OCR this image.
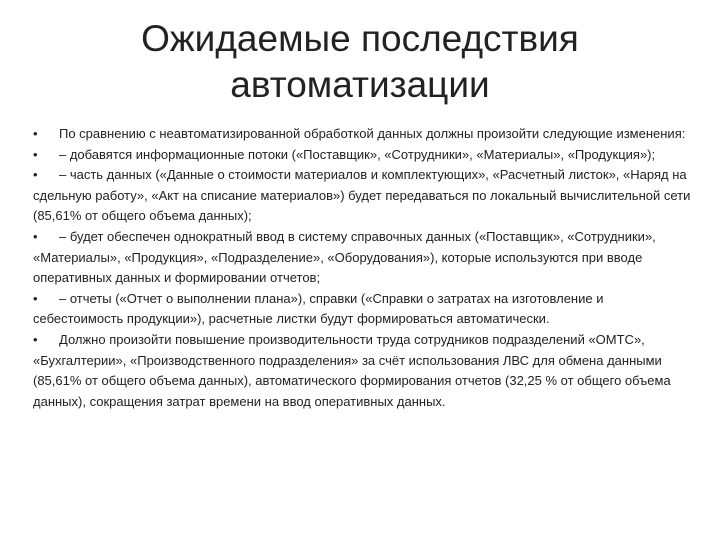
Ожидаемые последствия
автоматизации

• По сравнению с неавтоматизированной обработкой данных должны произойти следующие изменения:

• – добавятся информационные потоки («Поставщик», «Сотрудники», «Материалы», «Продукция»);

• – часть данных («Данные о стоимости материалов и комплектующих», «Расчетный листок», «Наряд на сдельную работу», «Акт на списание материалов») будет передаваться по локальный вычислительной сети (85,61% от общего объема данных);

• – будет обеспечен однократный ввод в систему справочных данных («Поставщик», «Сотрудники», «Материалы», «Продукция», «Подразделение», «Оборудования»), которые используются при вводе оперативных данных и формировании отчетов;

• – отчеты («Отчет о выполнении плана»), справки («Справки о затратах на изготовление и себестоимость продукции»), расчетные листки будут формироваться автоматически.

• Должно произойти повышение производительности труда сотрудников подразделений «ОМТС», «Бухгалтерии», «Производственного подразделения» за счёт использования ЛВС для обмена данными (85,61% от общего объема данных), автоматического формирования отчетов (32,25 % от общего объема данных), сокращения затрат времени на ввод оперативных данных.
